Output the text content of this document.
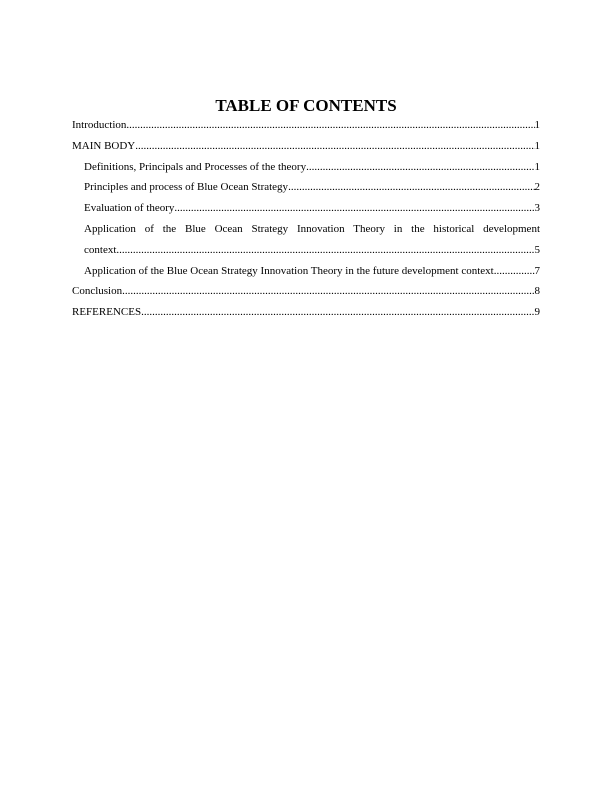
TABLE OF CONTENTS
Introduction .....	1
MAIN BODY .....	1
Definitions, Principals and Processes of the theory .....	1
Principles and process of Blue Ocean Strategy .....	2
Evaluation of theory .....	3
Application of the Blue Ocean Strategy Innovation Theory in the historical development
context .....	5
Application of the Blue Ocean Strategy Innovation Theory in the future development context .....	7
Conclusion .....	8
REFERENCES .....	9
